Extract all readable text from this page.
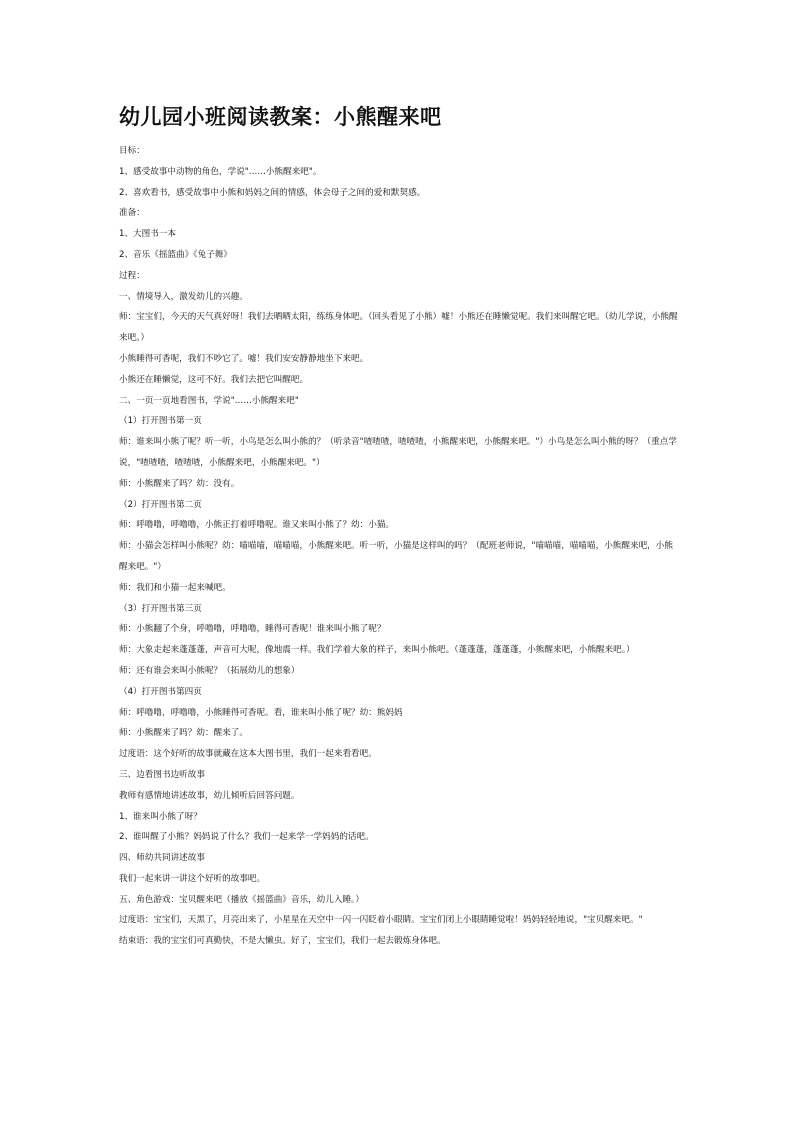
幼儿园小班阅读教案：小熊醒来吧

目标：

1、感受故事中动物的角色，学说"……小熊醒来吧"。

2、喜欢看书，感受故事中小熊和妈妈之间的情感，体会母子之间的爱和默契感。

准备：

1、大图书一本

2、音乐《摇篮曲》《兔子舞》

过程：

一、情境导入，激发幼儿的兴趣。

师：宝宝们，今天的天气真好呀！我们去晒晒太阳，练练身体吧。（回头看见了小熊）嘘！小熊还在睡懒觉呢。我们来叫醒它吧。（幼儿学说，小熊醒来吧。）

小熊睡得可香呢，我们不吵它了。嘘！我们安安静静地坐下来吧。

小熊还在睡懒觉，这可不好。我们去把它叫醒吧。

二、一页一页地看图书，学说"……小熊醒来吧"

（1）打开图书第一页

师：谁来叫小熊了呢？听一听，小鸟是怎么叫小熊的？（听录音"喳喳喳，喳喳喳，小熊醒来吧，小熊醒来吧。"）小鸟是怎么叫小熊的呀？（重点学说，"喳喳喳，喳喳喳，小熊醒来吧，小熊醒来吧。"）

师：小熊醒来了吗？幼：没有。

（2）打开图书第二页

师：呼噜噜，呼噜噜，小熊正打着呼噜呢。谁又来叫小熊了？幼：小猫。

师：小猫会怎样叫小熊呢？幼：喵喵喵，喵喵喵，小熊醒来吧。听一听，小猫是这样叫的吗？（配班老师说，"喵喵喵，喵喵喵，小熊醒来吧，小熊醒来吧。"）

师：我们和小猫一起来喊吧。

（3）打开图书第三页

师：小熊翻了个身，呼噜噜，呼噜噜，睡得可香呢！谁来叫小熊了呢？

师：大象走起来蓬蓬蓬，声音可大呢，像地震一样。我们学着大象的样子，来叫小熊吧。（蓬蓬蓬，蓬蓬蓬，小熊醒来吧，小熊醒来吧。）

师：还有谁会来叫小熊呢？（拓展幼儿的想象）

（4）打开图书第四页

师：呼噜噜，呼噜噜，小熊睡得可香呢。看，谁来叫小熊了呢？幼：熊妈妈

师：小熊醒来了吗？幼：醒来了。

过度语：这个好听的故事就藏在这本大图书里，我们一起来看看吧。

三、边看图书边听故事

教师有感情地讲述故事，幼儿倾听后回答问题。

1、谁来叫小熊了呀？

2、谁叫醒了小熊？妈妈说了什么？我们一起来学一学妈妈的话吧。

四、师幼共同讲述故事

我们一起来讲一讲这个好听的故事吧。

五、角色游戏：宝贝醒来吧（播放《摇篮曲》音乐，幼儿入睡。）

过度语：宝宝们，天黑了，月亮出来了，小星星在天空中一闪一闪眨着小眼睛。宝宝们闭上小眼睛睡觉啦！妈妈轻轻地说，"宝贝醒来吧。"

结束语：我的宝宝们可真勤快，不是大懒虫。好了，宝宝们，我们一起去锻炼身体吧。
